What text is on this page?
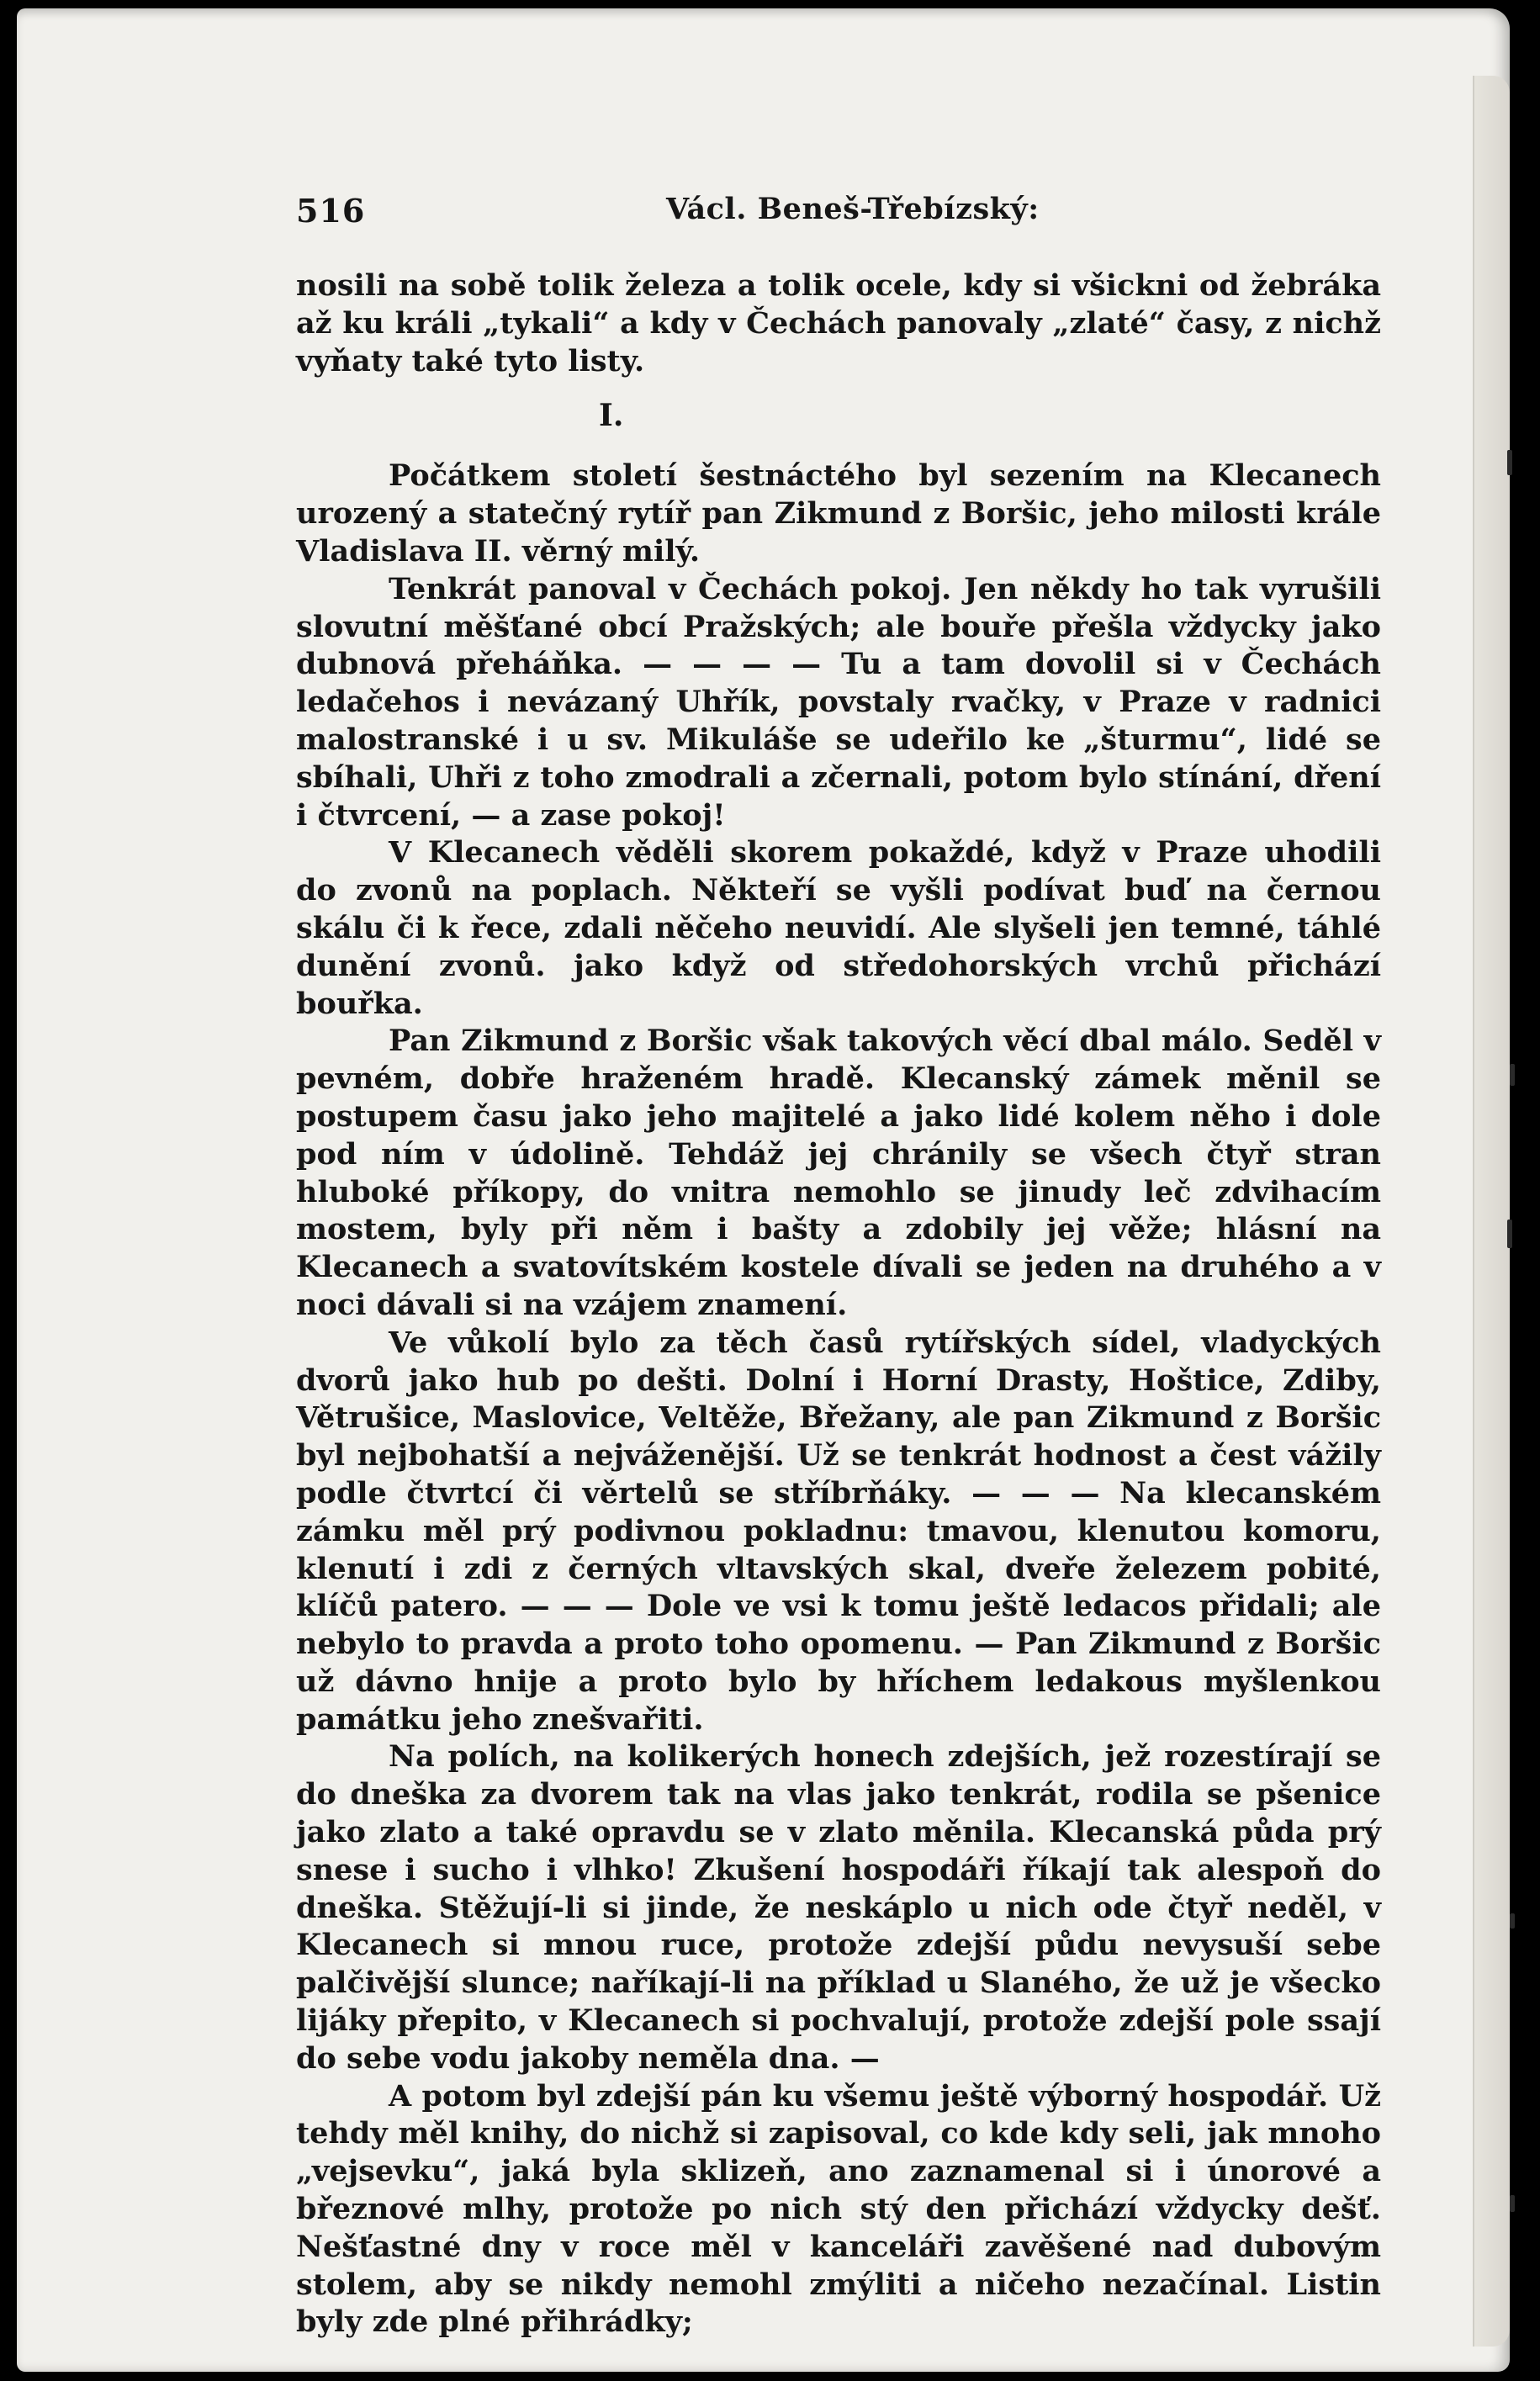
516	Václ. Beneš-Třebízský:

nosili na sobě tolik železa a tolik ocele, kdy si všickni od žebráka až ku králi „tykali“ a kdy v Čechách panovaly „zlaté“ časy, z nichž vyňaty také tyto listy.

I.

Počátkem století šestnáctého byl sezením na Klecanech urozený a statečný rytíř pan Zikmund z Boršic, jeho milosti krále Vladislava II. věrný milý.

Tenkrát panoval v Čechách pokoj. Jen někdy ho tak vyrušili slovutní měšťané obcí Pražských; ale bouře přešla vždycky jako dubnová přeháňka. — — — — Tu a tam dovolil si v Čechách ledačehos i nevázaný Uhřík, povstaly rvačky, v Praze v radnici malostranské i u sv. Mikuláše se udeřilo ke „šturmu“, lidé se sbíhali, Uhři z toho zmodrali a zčernali, potom bylo stínání, dření i čtvrcení, — a zase pokoj!

V Klecanech věděli skorem pokaždé, když v Praze uhodili do zvonů na poplach. Někteří se vyšli podívat buď na černou skálu či k řece, zdali něčeho neuvidí. Ale slyšeli jen temné, táhlé dunění zvonů. jako když od středohorských vrchů přichází bouřka.

Pan Zikmund z Boršic však takových věcí dbal málo. Seděl v pevném, dobře hraženém hradě. Klecanský zámek měnil se postupem času jako jeho majitelé a jako lidé kolem něho i dole pod ním v údolině. Tehdáž jej chránily se všech čtyř stran hluboké příkopy, do vnitra nemohlo se jinudy leč zdvihacím mostem, byly při něm i bašty a zdobily jej věže; hlásní na Klecanech a svatovítském kostele dívali se jeden na druhého a v noci dávali si na vzájem znamení.

Ve vůkolí bylo za těch časů rytířských sídel, vladyckých dvorů jako hub po dešti. Dolní i Horní Drasty, Hoštice, Zdiby, Větrušice, Maslovice, Veltěže, Břežany, ale pan Zikmund z Boršic byl nejbohatší a nejváženější. Už se tenkrát hodnost a čest vážily podle čtvrtcí či věrtelů se stříbrňáky. — — — Na klecanském zámku měl prý podivnou pokladnu: tmavou, klenutou komoru, klenutí i zdi z černých vltavských skal, dveře železem pobité, klíčů patero. — — — Dole ve vsi k tomu ještě ledacos přidali; ale nebylo to pravda a proto toho opomenu. — Pan Zikmund z Boršic už dávno hnije a proto bylo by hříchem ledakous myšlenkou památku jeho znešvařiti.

Na polích, na kolikerých honech zdejších, jež rozestírají se do dneška za dvorem tak na vlas jako tenkrát, rodila se pšenice jako zlato a také opravdu se v zlato měnila. Klecanská půda prý snese i sucho i vlhko! Zkušení hospodáři říkají tak alespoň do dneška. Stěžují-li si jinde, že neskáplo u nich ode čtyř neděl, v Klecanech si mnou ruce, protože zdejší půdu nevysuší sebe palčivější slunce; naříkají-li na příklad u Slaného, že už je všecko lijáky přepito, v Klecanech si pochvalují, protože zdejší pole ssají do sebe vodu jakoby neměla dna. —

A potom byl zdejší pán ku všemu ještě výborný hospodář. Už tehdy měl knihy, do nichž si zapisoval, co kde kdy seli, jak mnoho „vejsevku“, jaká byla sklizeň, ano zaznamenal si i únorové a březnové mlhy, protože po nich stý den přichází vždycky dešť. Nešťastné dny v roce měl v kanceláři zavěšené nad dubovým stolem, aby se nikdy nemohl zmýliti a ničeho nezačínal. Listin byly zde plné přihrádky;
